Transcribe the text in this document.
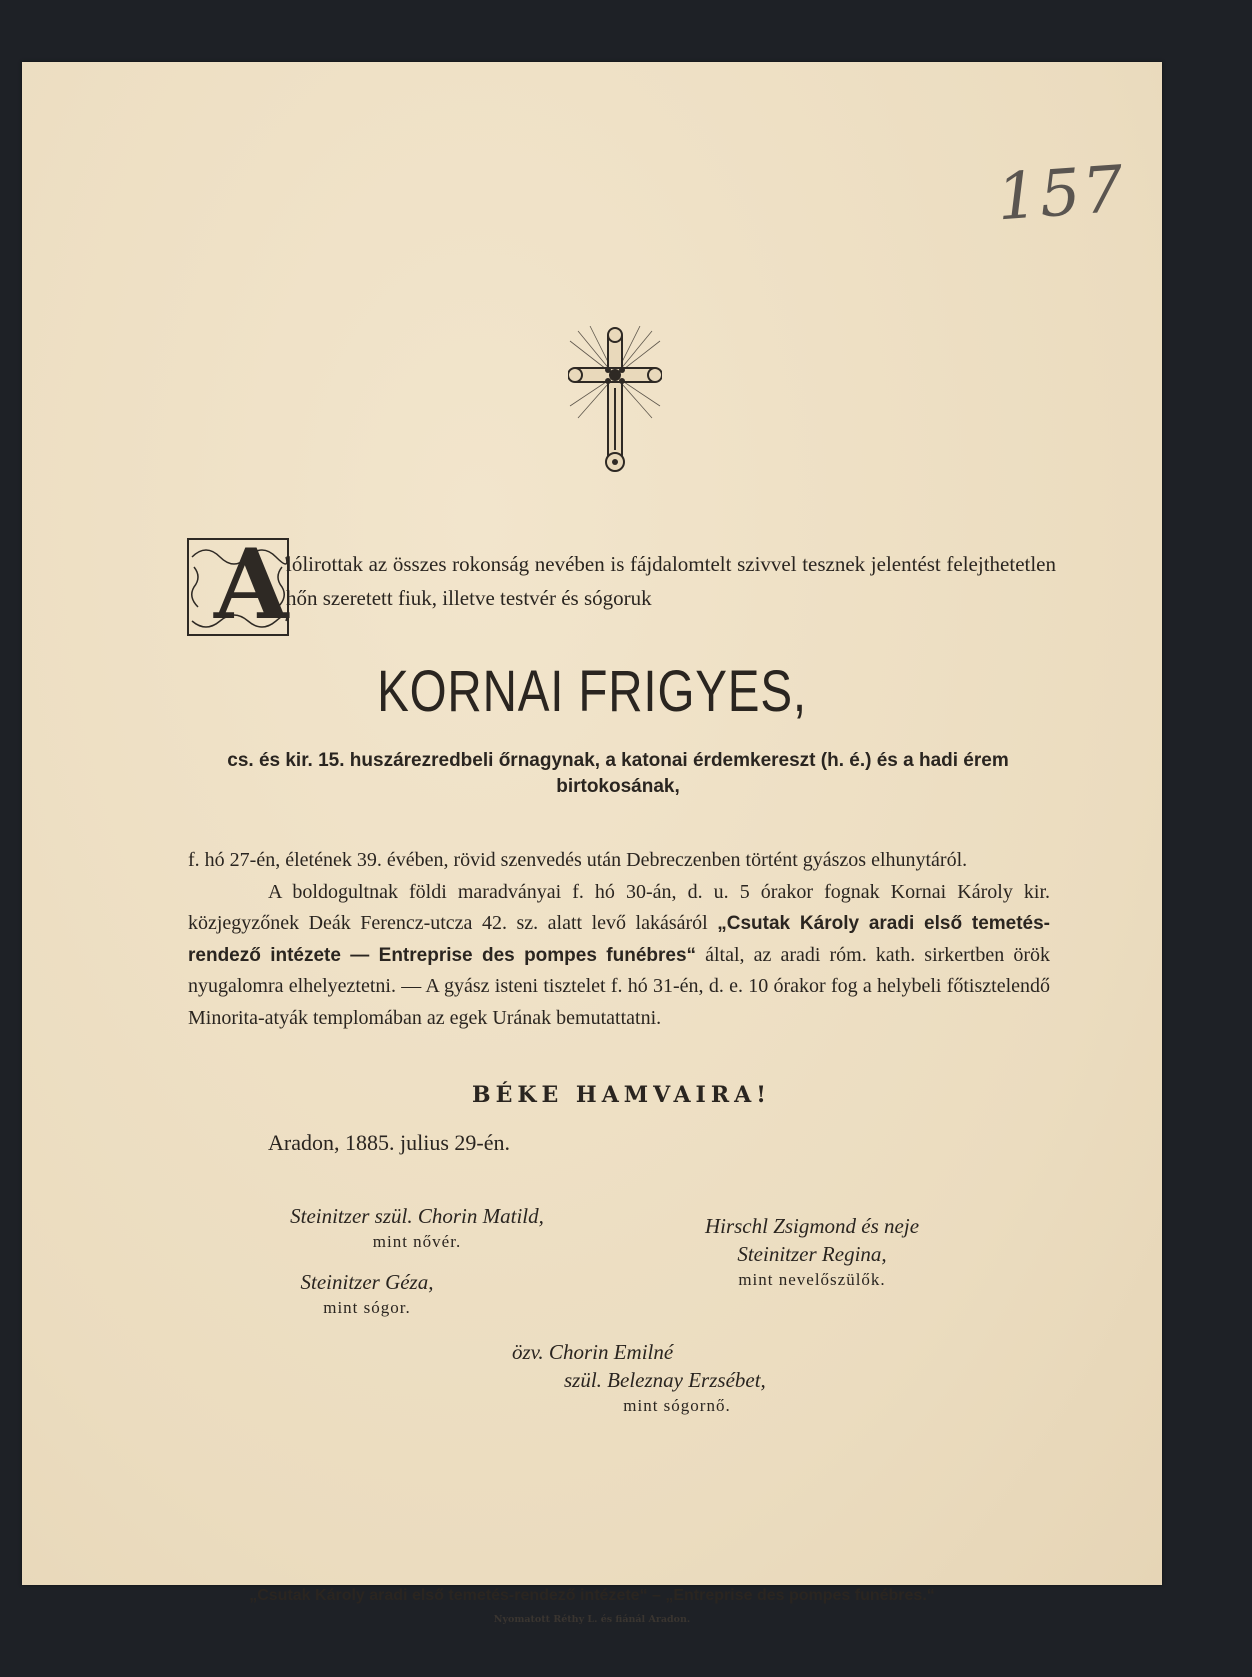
157
A
lólirottak az összes rokonság nevében is fájdalomtelt szivvel tesznek jelentést felejthetetlen hőn szeretett fiuk, illetve testvér és sógoruk
KORNAI FRIGYES,
cs. és kir. 15. huszárezredbeli őrnagynak, a katonai érdemkereszt (h. é.) és a hadi érem birtokosának,

f. hó 27-én, életének 39. évében, rövid szenvedés után Debreczenben történt gyászos elhunytáról.

A boldogultnak földi maradványai f. hó 30-án, d. u. 5 órakor fognak Kornai Károly kir. közjegyzőnek Deák Ferencz-utcza 42. sz. alatt levő lakásáról „Csutak Károly aradi első temetés-rendező intézete — Entreprise des pompes funébres“ által, az aradi róm. kath. sirkertben örök nyugalomra elhelyeztetni. — A gyász isteni tisztelet f. hó 31-én, d. e. 10 órakor fog a helybeli főtisztelendő Minorita-atyák templomában az egek Urának bemutattatni.

BÉKE HAMVAIRA!
Aradon, 1885. julius 29-én.
Steinitzer szül. Chorin Matild,
mint nővér.
Steinitzer Géza,
mint sógor.
Hirschl Zsigmond és neje
Steinitzer Regina,
mint nevelőszülők.
özv. Chorin Emilné
szül. Beleznay Erzsébet,
mint sógornő.
„Csutak Károly aradi első temetés-rendező intézete“ – „Entreprise des pompes funébres.“
Nyomatott Réthy L. és fiánál Aradon.
